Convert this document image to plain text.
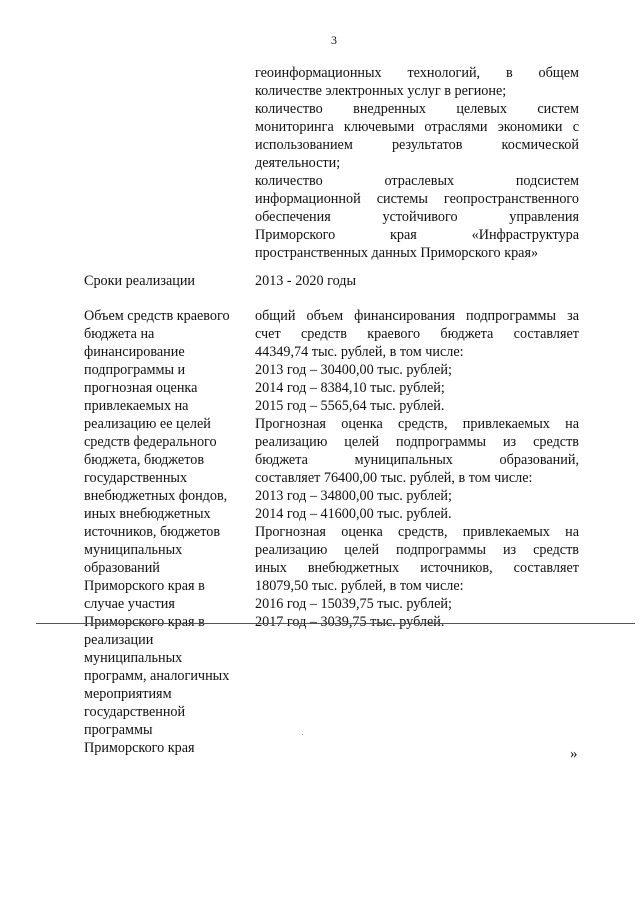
3
геоинформационных технологий, в общем
количестве электронных услуг в регионе;
количество внедренных целевых систем
мониторинга ключевыми отраслями экономики с
использованием результатов космической
деятельности;
количество отраслевых подсистем
информационной системы геопространственного
обеспечения устойчивого управления
Приморского края «Инфраструктура
пространственных данных Приморского края»
Сроки реализации	2013 - 2020 годы
Объем средств краевого
бюджета на
финансирование
подпрограммы и
прогнозная оценка
привлекаемых на
реализацию ее целей
средств федерального
бюджета, бюджетов
государственных
внебюджетных фондов,
иных внебюджетных
источников, бюджетов
муниципальных
образований
Приморского края в
случае участия
Приморского края в
реализации
муниципальных
программ, аналогичных
мероприятиям
государственной
программы
Приморского края
общий объем финансирования подпрограммы за
счет средств краевого бюджета составляет
44349,74 тыс. рублей, в том числе:
2013 год – 30400,00 тыс. рублей;
2014 год – 8384,10 тыс. рублей;
2015 год – 5565,64 тыс. рублей.
Прогнозная оценка средств, привлекаемых на
реализацию целей подпрограммы из средств
бюджета муниципальных образований,
составляет 76400,00 тыс. рублей, в том числе:
2013 год – 34800,00 тыс. рублей;
2014 год – 41600,00 тыс. рублей.
Прогнозная оценка средств, привлекаемых на
реализацию целей подпрограммы из средств
иных внебюджетных источников, составляет
18079,50 тыс. рублей, в том числе:
2016 год – 15039,75 тыс. рублей;
2017 год – 3039,75 тыс. рублей.
»
